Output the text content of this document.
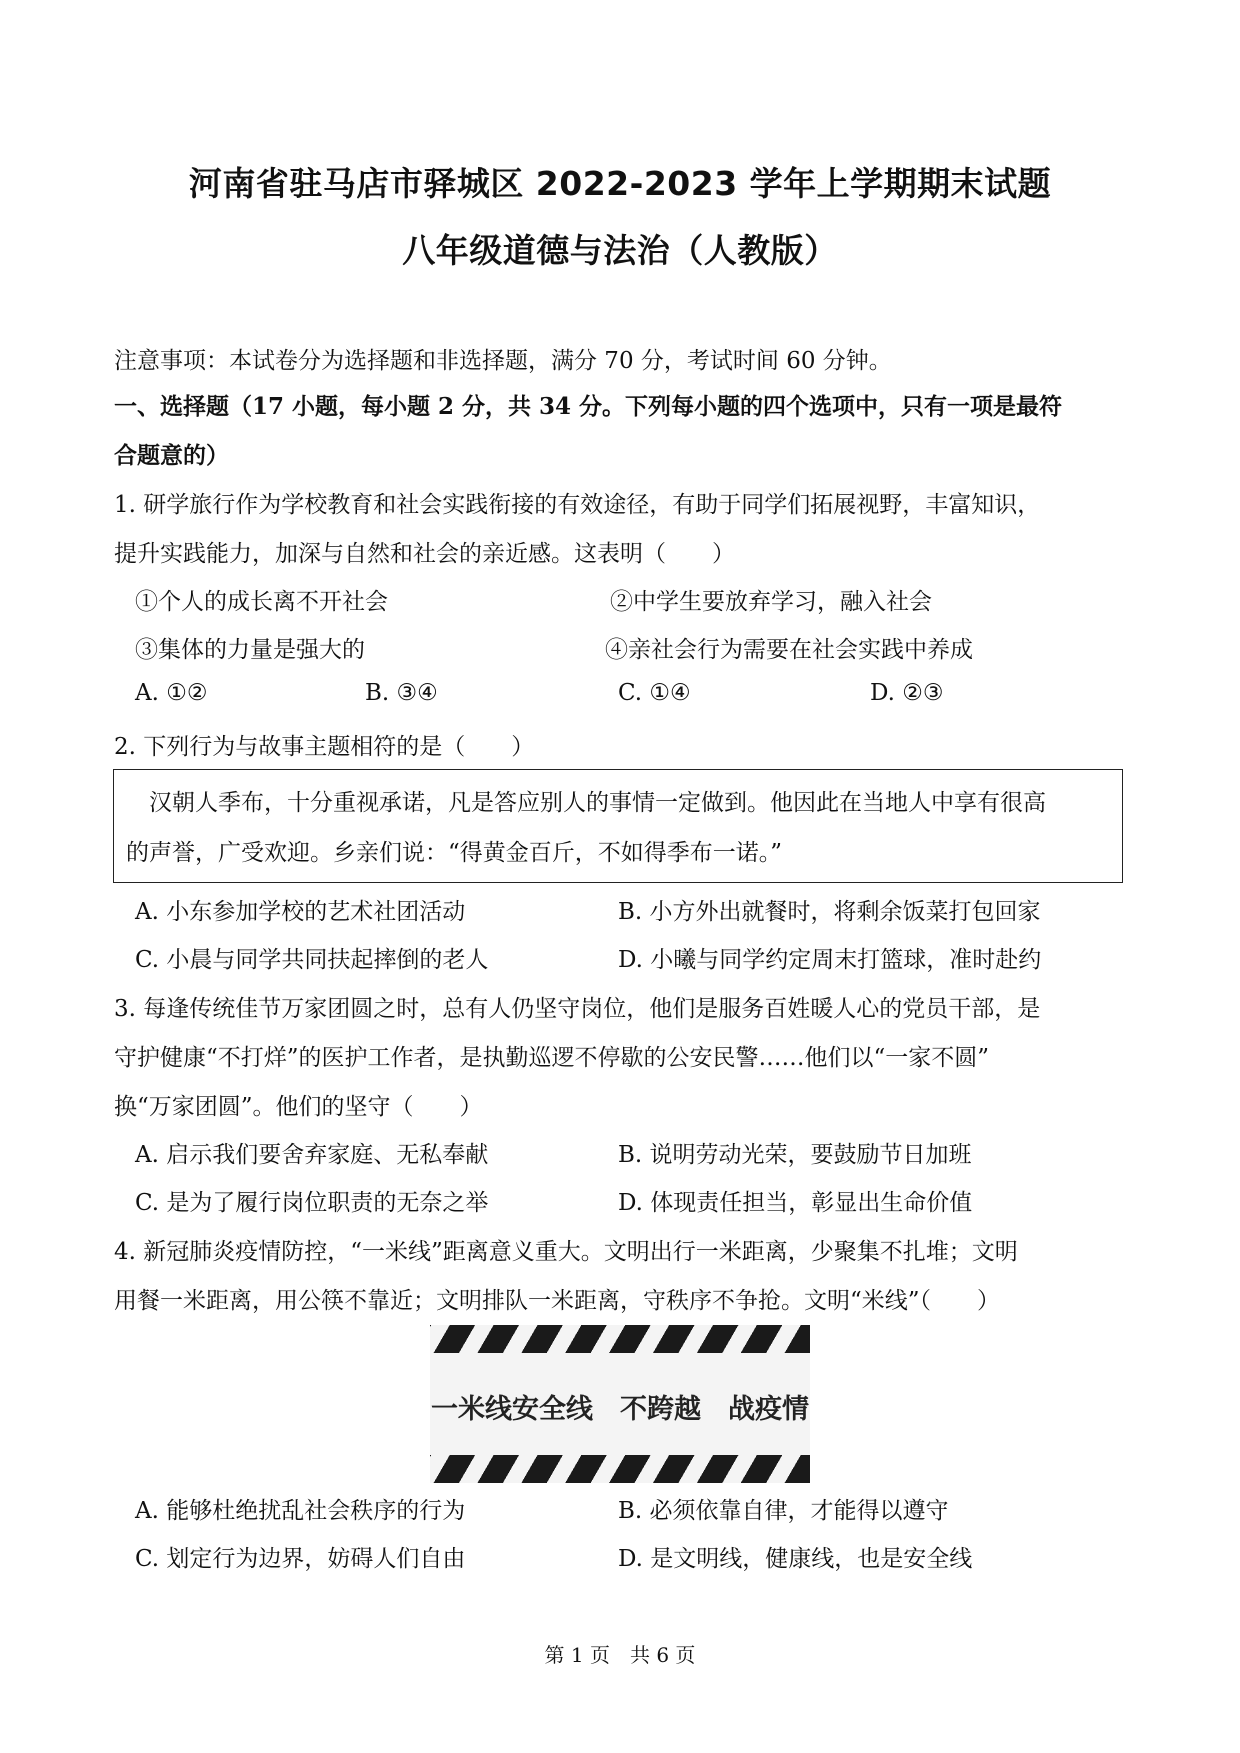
河南省驻马店市驿城区 2022-2023 学年上学期期末试题
八年级道德与法治（人教版）
注意事项：本试卷分为选择题和非选择题，满分 70 分，考试时间 60 分钟。
一、选择题（17 小题，每小题 2 分，共 34 分。下列每小题的四个选项中，只有一项是最符
合题意的）
1. 研学旅行作为学校教育和社会实践衔接的有效途径，有助于同学们拓展视野，丰富知识，
提升实践能力，加深与自然和社会的亲近感。这表明（　　）
①个人的成长离不开社会	②中学生要放弃学习，融入社会
③集体的力量是强大的	④亲社会行为需要在社会实践中养成
A. ①②	B. ③④	C. ①④	D. ②③
2. 下列行为与故事主题相符的是（　　）
　汉朝人季布，十分重视承诺，凡是答应别人的事情一定做到。他因此在当地人中享有很高
的声誉，广受欢迎。乡亲们说：“得黄金百斤，不如得季布一诺。”
A. 小东参加学校的艺术社团活动	B. 小方外出就餐时，将剩余饭菜打包回家
C. 小晨与同学共同扶起摔倒的老人	D. 小曦与同学约定周末打篮球，准时赴约
3. 每逢传统佳节万家团圆之时，总有人仍坚守岗位，他们是服务百姓暖人心的党员干部，是
守护健康“不打烊”的医护工作者，是执勤巡逻不停歇的公安民警……他们以“一家不圆”
换“万家团圆”。他们的坚守（　　）
A. 启示我们要舍弃家庭、无私奉献	B. 说明劳动光荣，要鼓励节日加班
C. 是为了履行岗位职责的无奈之举	D. 体现责任担当，彰显出生命价值
4. 新冠肺炎疫情防控，“一米线”距离意义重大。文明出行一米距离，少聚集不扎堆；文明
用餐一米距离，用公筷不靠近；文明排队一米距离，守秩序不争抢。文明“米线”（　　）
一米线安全线　不跨越　战疫情
A. 能够杜绝扰乱社会秩序的行为	B. 必须依靠自律，才能得以遵守
C. 划定行为边界，妨碍人们自由	D. 是文明线，健康线，也是安全线
第 1 页　共 6 页
